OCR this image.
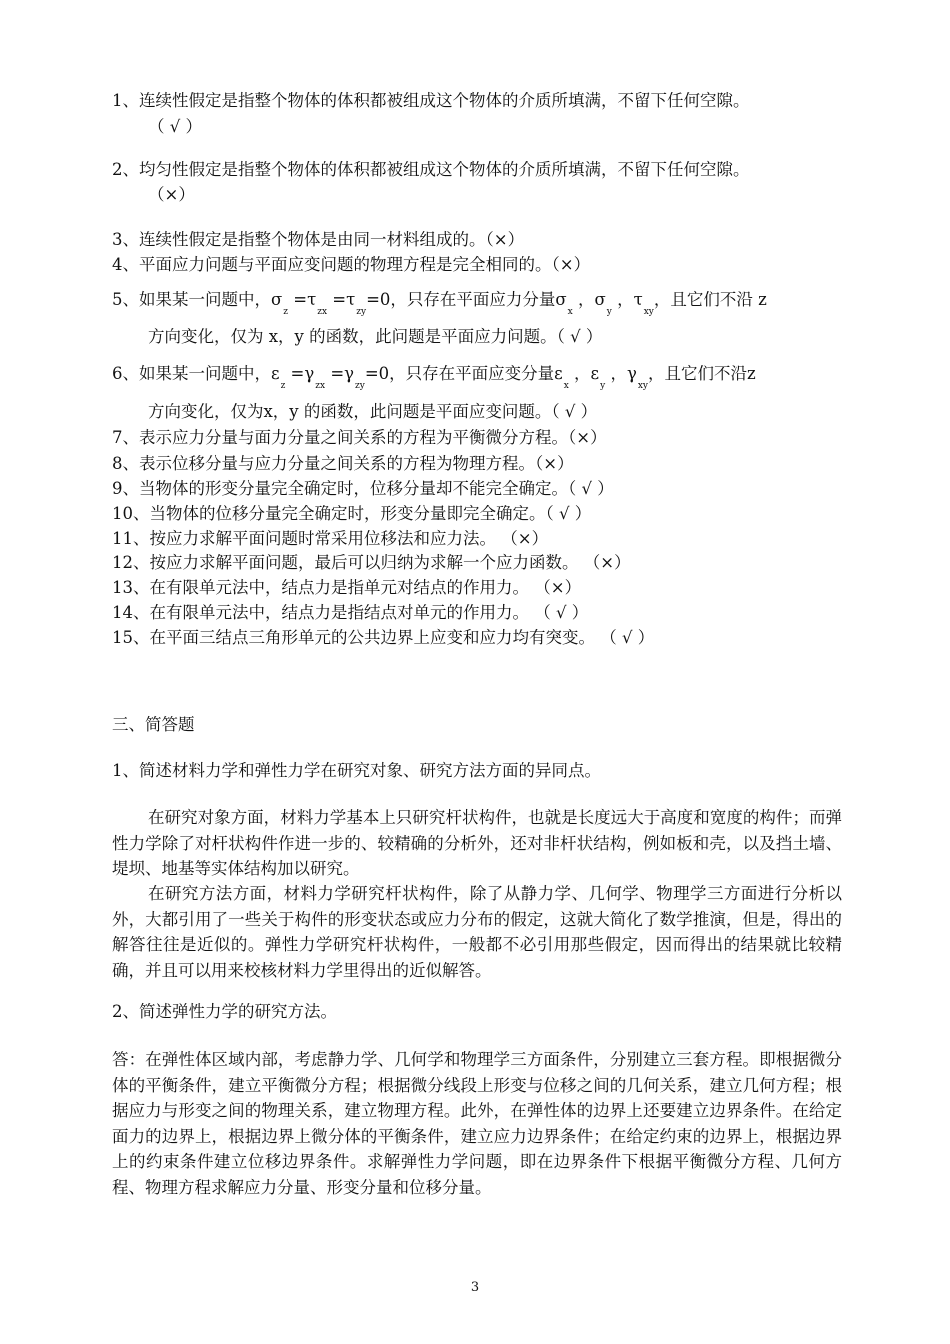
1、连续性假定是指整个物体的体积都被组成这个物体的介质所填满，不留下任何空隙。
（ √ ）
2、均匀性假定是指整个物体的体积都被组成这个物体的介质所填满，不留下任何空隙。
（×）
3、连续性假定是指整个物体是由同一材料组成的。（×）
4、平面应力问题与平面应变问题的物理方程是完全相同的。（×）
5、如果某一问题中，$\sigma_z =\tau_{zx} =\tau_{zy}=0$，只存在平面应力分量$\sigma_x$ ，$\sigma_y$ ，$\tau_{xy}$，且它们不沿 z
方向变化，仅为 x，y 的函数，此问题是平面应力问题。（ √ ）
6、如果某一问题中，$\varepsilon_z =\gamma_{zx} =\gamma_{zy}=0$，只存在平面应变分量$\varepsilon_x$ ，$\varepsilon_y$ ，$\gamma_{xy}$，且它们不沿z
方向变化，仅为x，y 的函数，此问题是平面应变问题。（ √ ）
7、表示应力分量与面力分量之间关系的方程为平衡微分方程。（×）
8、表示位移分量与应力分量之间关系的方程为物理方程。（×）
9、当物体的形变分量完全确定时，位移分量却不能完全确定。（ √ ）
10、当物体的位移分量完全确定时，形变分量即完全确定。（ √ ）
11、按应力求解平面问题时常采用位移法和应力法。 （×）
12、按应力求解平面问题，最后可以归纳为求解一个应力函数。 （×）
13、在有限单元法中，结点力是指单元对结点的作用力。 （×）
14、在有限单元法中，结点力是指结点对单元的作用力。 （ √ ）
15、在平面三结点三角形单元的公共边界上应变和应力均有突变。 （ √ ）
三、简答题
1、简述材料力学和弹性力学在研究对象、研究方法方面的异同点。
在研究对象方面，材料力学基本上只研究杆状构件，也就是长度远大于高度和宽度的构件；而弹性力学除了对杆状构件作进一步的、较精确的分析外，还对非杆状结构，例如板和壳，以及挡土墙、堤坝、地基等实体结构加以研究。
在研究方法方面，材料力学研究杆状构件，除了从静力学、几何学、物理学三方面进行分析以外，大都引用了一些关于构件的形变状态或应力分布的假定，这就大简化了数学推演，但是，得出的解答往往是近似的。弹性力学研究杆状构件，一般都不必引用那些假定，因而得出的结果就比较精确，并且可以用来校核材料力学里得出的近似解答。
2、简述弹性力学的研究方法。
答：在弹性体区域内部，考虑静力学、几何学和物理学三方面条件，分别建立三套方程。即根据微分体的平衡条件，建立平衡微分方程；根据微分线段上形变与位移之间的几何关系，建立几何方程；根据应力与形变之间的物理关系，建立物理方程。此外，在弹性体的边界上还要建立边界条件。在给定面力的边界上，根据边界上微分体的平衡条件，建立应力边界条件；在给定约束的边界上，根据边界上的约束条件建立位移边界条件。求解弹性力学问题，即在边界条件下根据平衡微分方程、几何方程、物理方程求解应力分量、形变分量和位移分量。
3
